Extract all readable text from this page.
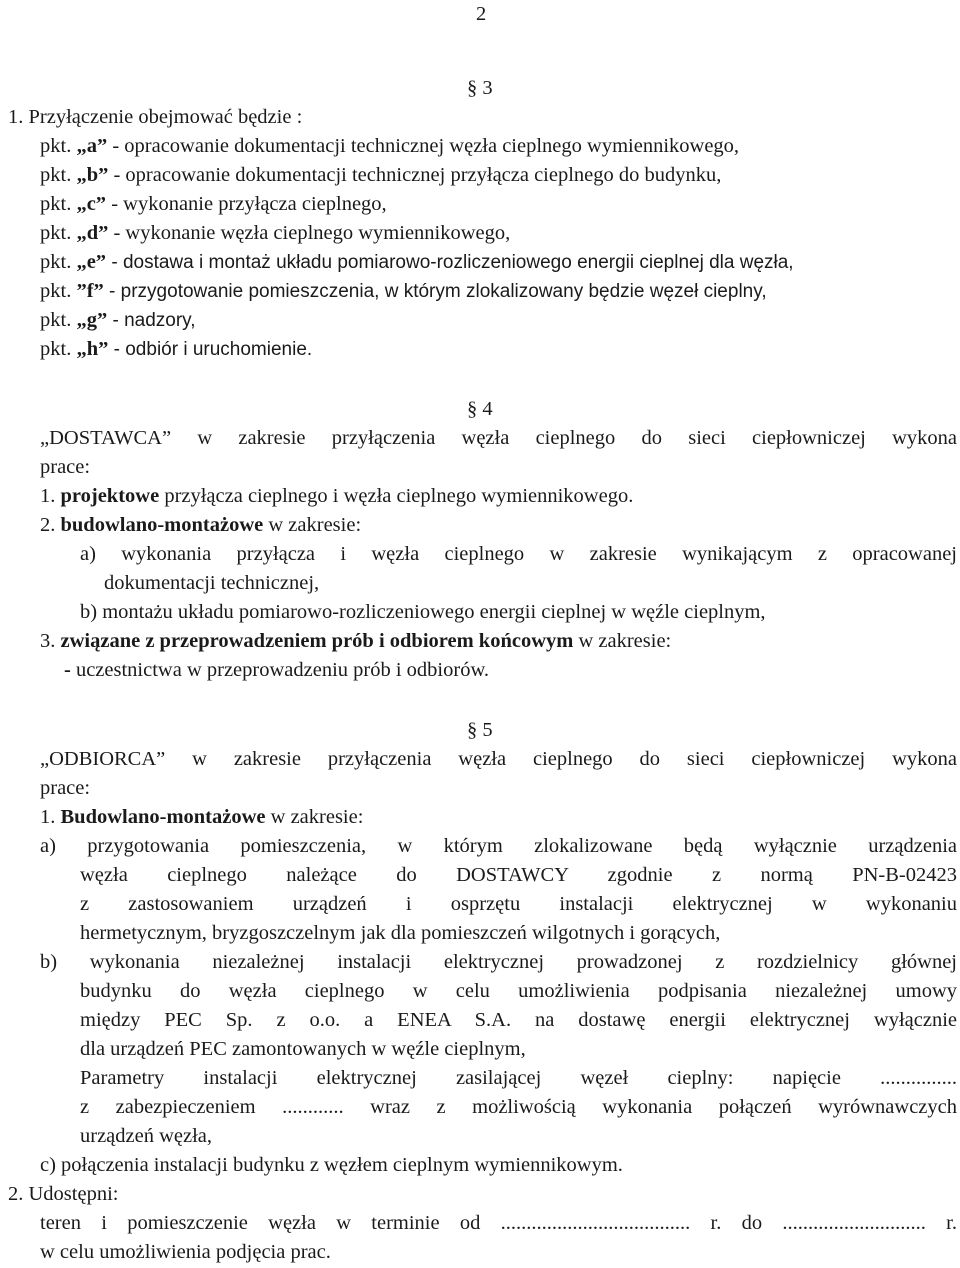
2
§ 3
1. Przyłączenie obejmować będzie :
pkt. „a” - opracowanie dokumentacji technicznej węzła cieplnego wymiennikowego,
pkt. „b” - opracowanie dokumentacji technicznej przyłącza cieplnego do budynku,
pkt. „c” - wykonanie przyłącza cieplnego,
pkt. „d” - wykonanie węzła cieplnego wymiennikowego,
pkt. „e” - dostawa i montaż układu pomiarowo-rozliczeniowego energii cieplnej dla węzła,
pkt. ”f” - przygotowanie pomieszczenia, w którym zlokalizowany będzie węzeł cieplny,
pkt. „g” - nadzory,
pkt. „h” - odbiór i uruchomienie.
§ 4
„DOSTAWCA” w zakresie przyłączenia węzła cieplnego do sieci ciepłowniczej wykona
prace:
1. projektowe przyłącza cieplnego i węzła cieplnego wymiennikowego.
2. budowlano-montażowe w zakresie:
a) wykonania przyłącza i węzła cieplnego w zakresie wynikającym z opracowanej
dokumentacji technicznej,
b) montażu układu pomiarowo-rozliczeniowego energii cieplnej w węźle cieplnym,
3. związane z przeprowadzeniem prób i odbiorem końcowym w zakresie:
- uczestnictwa w przeprowadzeniu prób i odbiorów.
§ 5
„ODBIORCA” w zakresie przyłączenia węzła cieplnego do sieci ciepłowniczej wykona
prace:
1. Budowlano-montażowe w zakresie:
a) przygotowania pomieszczenia, w którym zlokalizowane będą wyłącznie urządzenia
węzła cieplnego należące do DOSTAWCY zgodnie z normą PN-B-02423
z zastosowaniem urządzeń i osprzętu instalacji elektrycznej w wykonaniu
hermetycznym, bryzgoszczelnym jak dla pomieszczeń wilgotnych i gorących,
b) wykonania niezależnej instalacji elektrycznej prowadzonej z rozdzielnicy głównej
budynku do węzła cieplnego w celu umożliwienia podpisania niezależnej umowy
między PEC Sp. z o.o. a ENEA S.A. na dostawę energii elektrycznej wyłącznie
dla urządzeń PEC zamontowanych w węźle cieplnym,
Parametry instalacji elektrycznej zasilającej węzeł cieplny: napięcie ...............
z zabezpieczeniem ............ wraz z możliwością wykonania połączeń wyrównawczych
urządzeń węzła,
c) połączenia instalacji budynku z węzłem cieplnym wymiennikowym.
2. Udostępni:
teren i pomieszczenie węzła w terminie od ..................................... r. do ............................ r.
w celu umożliwienia podjęcia prac.
